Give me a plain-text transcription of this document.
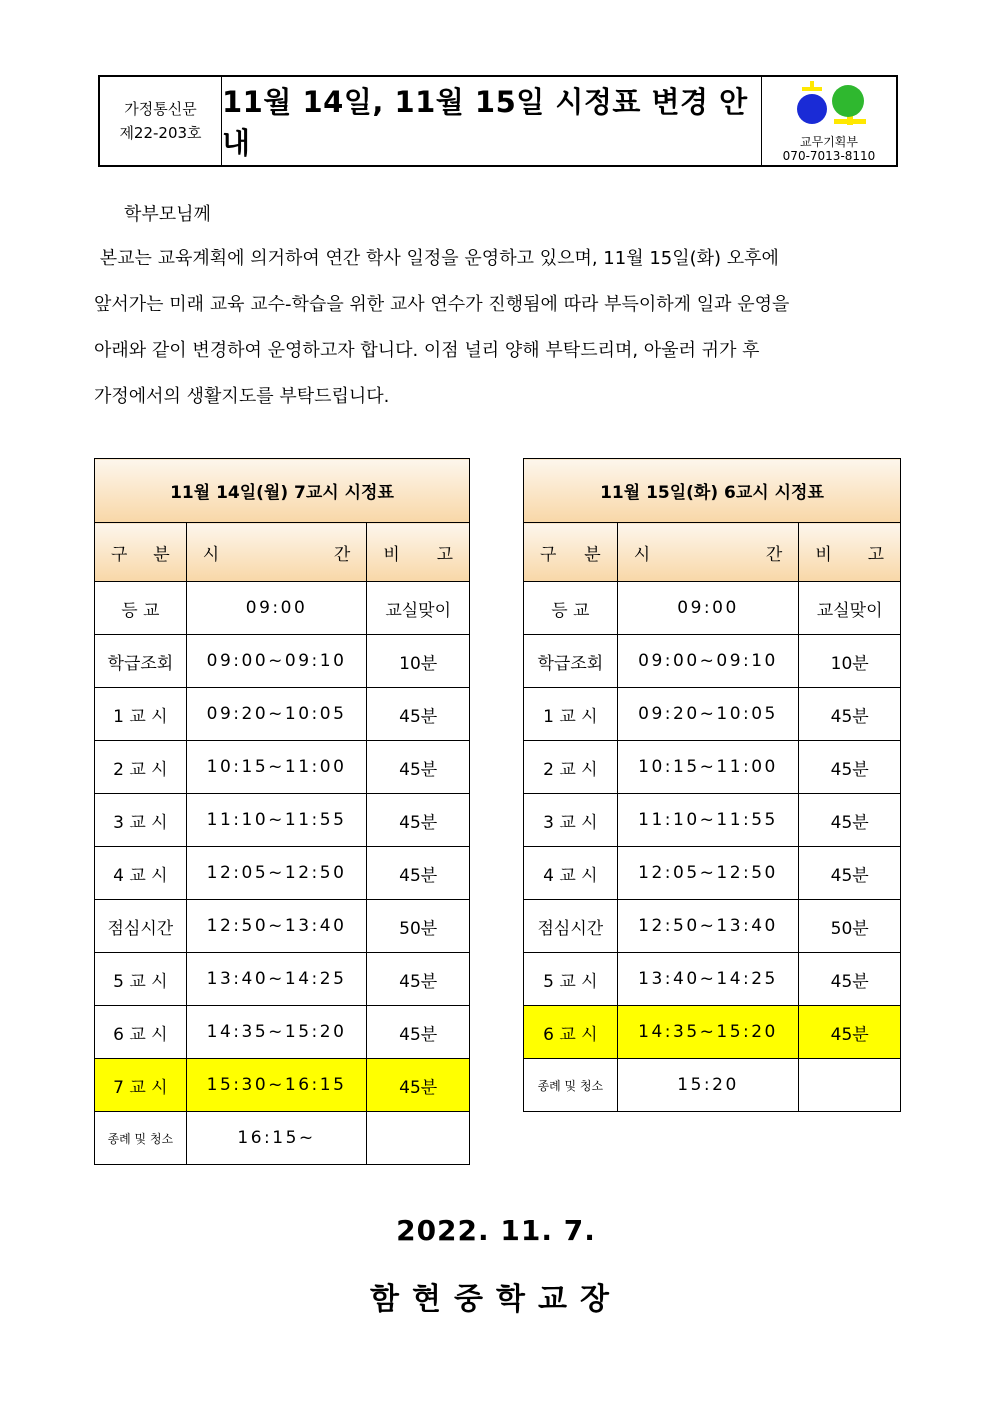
가정통신문
제22-203호
11월 14일, 11월 15일 시정표 변경 안내	교무기획부
070-7013-8110
학부모님께
본교는 교육계획에 의거하여 연간 학사 일정을 운영하고 있으며, 11월 15일(화) 오후에
앞서가는 미래 교육 교수-학습을 위한 교사 연수가 진행됨에 따라 부득이하게 일과 운영을
아래와 같이 변경하여 운영하고자 합니다. 이점 널리 양해 부탁드리며, 아울러 귀가 후
가정에서의 생활지도를 부탁드립니다.
11월 14일(월) 7교시 시정표		

구 분	시 간	비 고

등 교	09:00	교실맞이
학급조회	09:00~09:10	10분
1 교 시	09:20~10:05	45분
2 교 시	10:15~11:00	45분
3 교 시	11:10~11:55	45분
4 교 시	12:05~12:50	45분
점심시간	12:50~13:40	50분
5 교 시	13:40~14:25	45분
6 교 시	14:35~15:20	45분
7 교 시	15:30~16:15	45분
종례 및 청소	16:15~	
11월 15일(화) 6교시 시정표		

구 분	시 간	비 고

등 교	09:00	교실맞이
학급조회	09:00~09:10	10분
1 교 시	09:20~10:05	45분
2 교 시	10:15~11:00	45분
3 교 시	11:10~11:55	45분
4 교 시	12:05~12:50	45분
점심시간	12:50~13:40	50분
5 교 시	13:40~14:25	45분
6 교 시	14:35~15:20	45분
종례 및 청소	15:20	
2022. 11. 7.
함현중학교장
